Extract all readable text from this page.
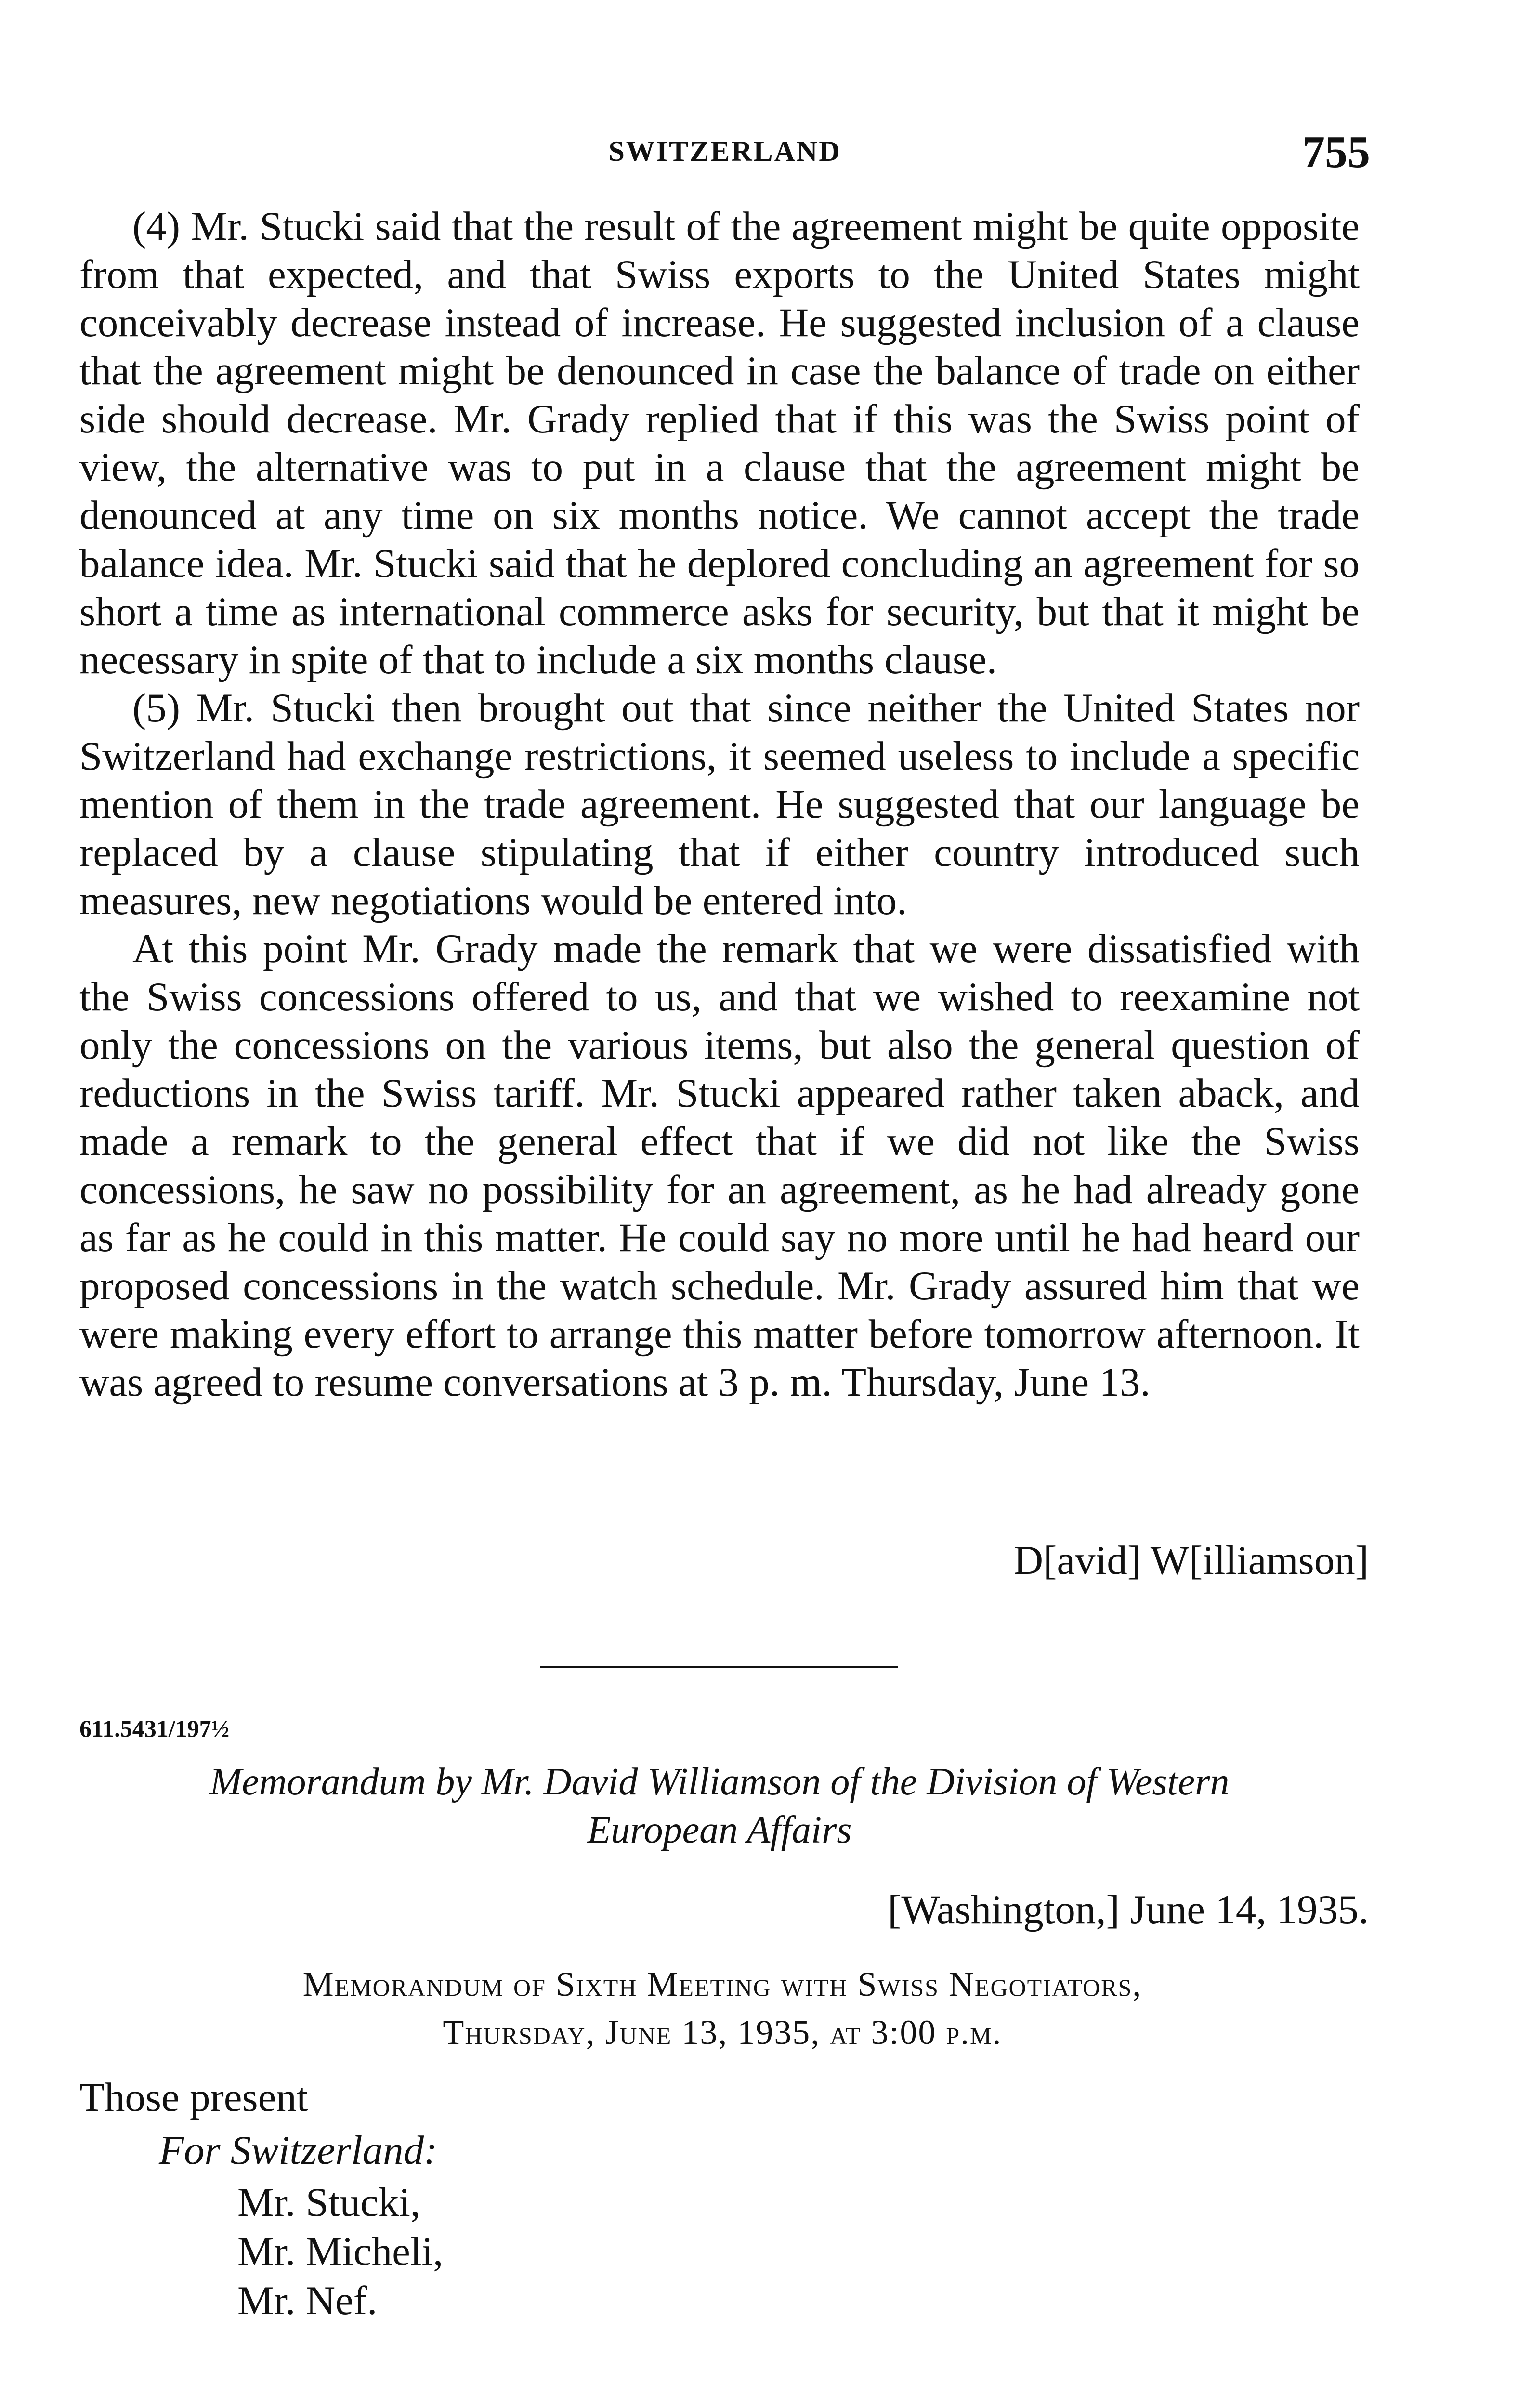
SWITZERLAND	755

(4) Mr. Stucki said that the result of the agreement might be quite opposite from that expected, and that Swiss exports to the United States might conceivably decrease instead of increase. He suggested inclusion of a clause that the agreement might be denounced in case the balance of trade on either side should decrease. Mr. Grady replied that if this was the Swiss point of view, the alternative was to put in a clause that the agreement might be denounced at any time on six months notice. We cannot accept the trade balance idea. Mr. Stucki said that he deplored concluding an agreement for so short a time as international commerce asks for security, but that it might be necessary in spite of that to include a six months clause.

(5) Mr. Stucki then brought out that since neither the United States nor Switzerland had exchange restrictions, it seemed useless to include a specific mention of them in the trade agreement. He suggested that our language be replaced by a clause stipulating that if either country introduced such measures, new negotiations would be entered into.

At this point Mr. Grady made the remark that we were dissatisfied with the Swiss concessions offered to us, and that we wished to reexamine not only the concessions on the various items, but also the general question of reductions in the Swiss tariff. Mr. Stucki appeared rather taken aback, and made a remark to the general effect that if we did not like the Swiss concessions, he saw no possibility for an agreement, as he had already gone as far as he could in this matter. He could say no more until he had heard our proposed concessions in the watch schedule. Mr. Grady assured him that we were making every effort to arrange this matter before tomorrow afternoon. It was agreed to resume conversations at 3 p. m. Thursday, June 13.

D[avid] W[illiamson]
611.5431/197½
Memorandum by Mr. David Williamson of the Division of Western
European Affairs
[Washington,] June 14, 1935.
Memorandum of Sixth Meeting with Swiss Negotiators,
Thursday, June 13, 1935, at 3:00 p.m.
Those present
For Switzerland:
Mr. Stucki,
Mr. Micheli,
Mr. Nef.
